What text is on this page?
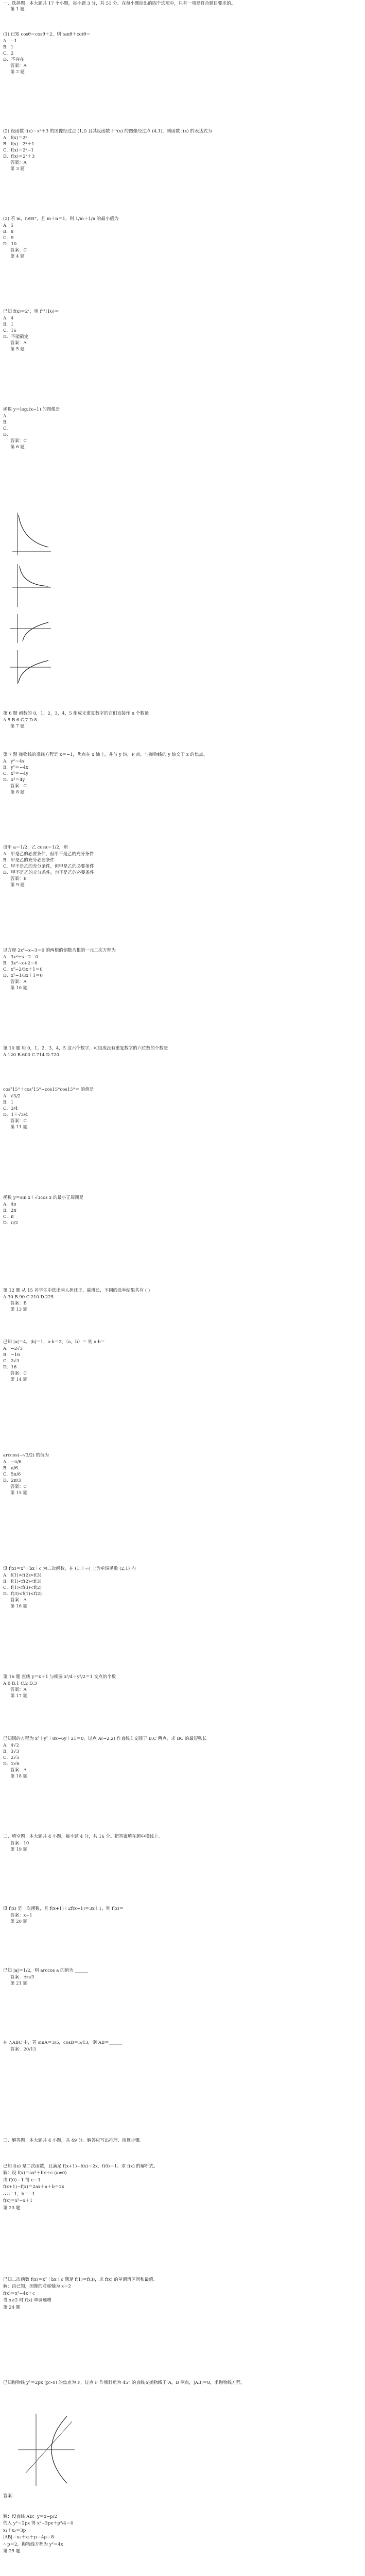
一、选择题：本大题共 17 个小题，每小题 3 分，共 51 分。在每小题给出的四个选项中，只有一项是符合题目要求的。
第 1 题
(1) 已知 cosθ＝cosθ＋2，则 tanθ＋cotθ＝
A．−1
B．1
C．2
D．不存在
答案：A
第 2 题
(2) 设函数 f(x)＝x²＋3 的图像经过点 (1,f) 且其反函数 f⁻¹(x) 的图像经过点 (4,1)，则函数 f(x) 的表达式为
A．f(x)＝2ˣ
B．f(x)＝2ˣ＋1
C．f(x)＝2ˣ−1
D．f(x)＝2ˣ＋3
答案：A
第 3 题
(3) 若 m，n∈R⁺，且 m＋n＝1，则 1/m＋1/n 的最小值为
A．5
B．8
C．9
D．10
答案：C
第 4 题
已知 f(x)＝2ˣ，则 f⁻¹(16)＝
A．4
B．1
C．16
D．不能确定
答案：A
第 5 题
函数 y＝log₂(x−1) 的图像是
A．
B．
C．
D．
答案：C
第 6 题
第 6 题 函数的 0，1，2，3，4，5 组成无重复数字的它们直接作 n 个数量
A.5 B.6 C.7 D.8
第 7 题
第 7 题 抛物线的准线方程是 x＝−1，焦点在 x 轴上，并与 y 轴，P 点，与抛物线的 y 轴交于 x 的焦点。
A．y²＝4x
B．y²＝−4x
C．x²＝−4y
D．x²＝4y
答案：C
第 8 题
设甲 a＝1/2，乙 cosα＝1/2，则
A．甲是乙的必要条件，但甲不是乙的充分条件
B．甲是乙的充分必要条件
C．甲不是乙的充分条件，但甲是乙的必要条件
D．甲不是乙的充分条件，也不是乙的必要条件
答案：B
第 9 题
以方程 2x²−x−3＝0 的两根的倒数为根的一元二次方程为
A．3x²＋x−2＝0
B．3x²−x+2＝0
C．x²−2/3x＋1＝0
D．x²−1/3x＋1＝0
答案：A
第 10 题
第 10 题 用 0，1，2，3，4，5 这六个数字，可组成没有重复数字的六位数的个数是
A.120 B.600 C.714 D.720
cos²15°＋cos²15°−cos15°cos15°＝ 的值是
A．√3/2
B．1
C．3/4
D．1＋√3/4
答案：C
第 11 题
函数 y＝sin x＋√3cos x 的最小正周期是
A．4π
B．2π
C．π
D．π/2
第 12 题 从 15 名学生中选出两人担任正，副班长，不同的选举结果共有 ( )
A.30 B.90 C.210 D.225
答案：B
第 13 题
已知 |a|＝4，|b|＝1，a·b＝2，〈a，b〉＝ 则 a·b＝
A．−2√3
B．−16
C．2√3
D．16
答案：C
第 14 题
arccos(−√3/2) 的值为
A．−π/6
B．π/6
C．5π/6
D．2π/3
答案：C
第 15 题
设 f(x)＝x²＋bx＋c 为二次函数，在 (1,＋∞) 上为单调函数 (2,1) 内
A．f(1)>f(2)>f(3)
B．f(1)<f(2)<f(3)
C．f(1)<f(3)<f(2)
D．f(3)<f(1)<f(2)
答案：A
第 16 题
第 16 题 直线 y＝x＋1 与椭圆 x²/4＋y²/2＝1 交点的个数
A.0 B.1 C.2 D.3
答案：A
第 17 题
已知圆的方程为 x²＋y²＋8x−6y＋21＝0，过点 A(−2,2) 作直线 l 交圆于 B,C 两点，求 BC 的最短弦长
A．4√2
B．3√3
C．2√5
D．2√6
答案：A
第 18 题
二、填空题：本大题共 4 小题，每小题 4 分，共 16 分。把答案填在题中横线上。
答案：10
第 19 题
设 f(x) 是一次函数，且 f(x+1)＋2f(x−1)＝3x＋1，则 f(x)＝
答案：x−1
第 20 题
已知 |a|＝1/2，则 arccos a 的值为 ______
答案：±π/3
第 21 题
在 △ABC 中，若 sinA＝3/5，cosB＝5/13，则 AB＝______
答案：20/13
三、解答题：本大题共 4 小题，共 49 分。解答应写出推理、演算步骤。
已知 f(x) 是二次函数，且满足 f(x+1)−f(x)＝2x，f(0)＝1。求 f(x) 的解析式。
解：设 f(x)＝ax²＋bx＋c (a≠0)
由 f(0)＝1 得 c＝1
f(x+1)−f(x)＝2ax＋a＋b＝2x
∴ a＝1，b＝−1
f(x)＝x²−x＋1
第 23 题
已知二次函数 f(x)＝x²＋bx＋c 满足 f(1)＝f(3)，求 f(x) 的单调增区间和最值。
解：由已知，图像的对称轴为 x＝2
f(x)＝x²−4x＋c
当 x≥2 时 f(x) 单调递增
第 24 题
已知抛物线 y²＝2px (p>0) 的焦点为 F，过点 F 作倾斜角为 45° 的直线交抛物线于 A，B 两点，|AB|＝8，求抛物线方程。
答案：
解：设直线 AB：y＝x−p/2
代入 y²＝2px 得 x²−3px＋p²/4＝0
x₁＋x₂＝3p
|AB|＝x₁＋x₂＋p＝4p＝8
∴ p＝2，抛物线方程为 y²＝4x
第 25 题
